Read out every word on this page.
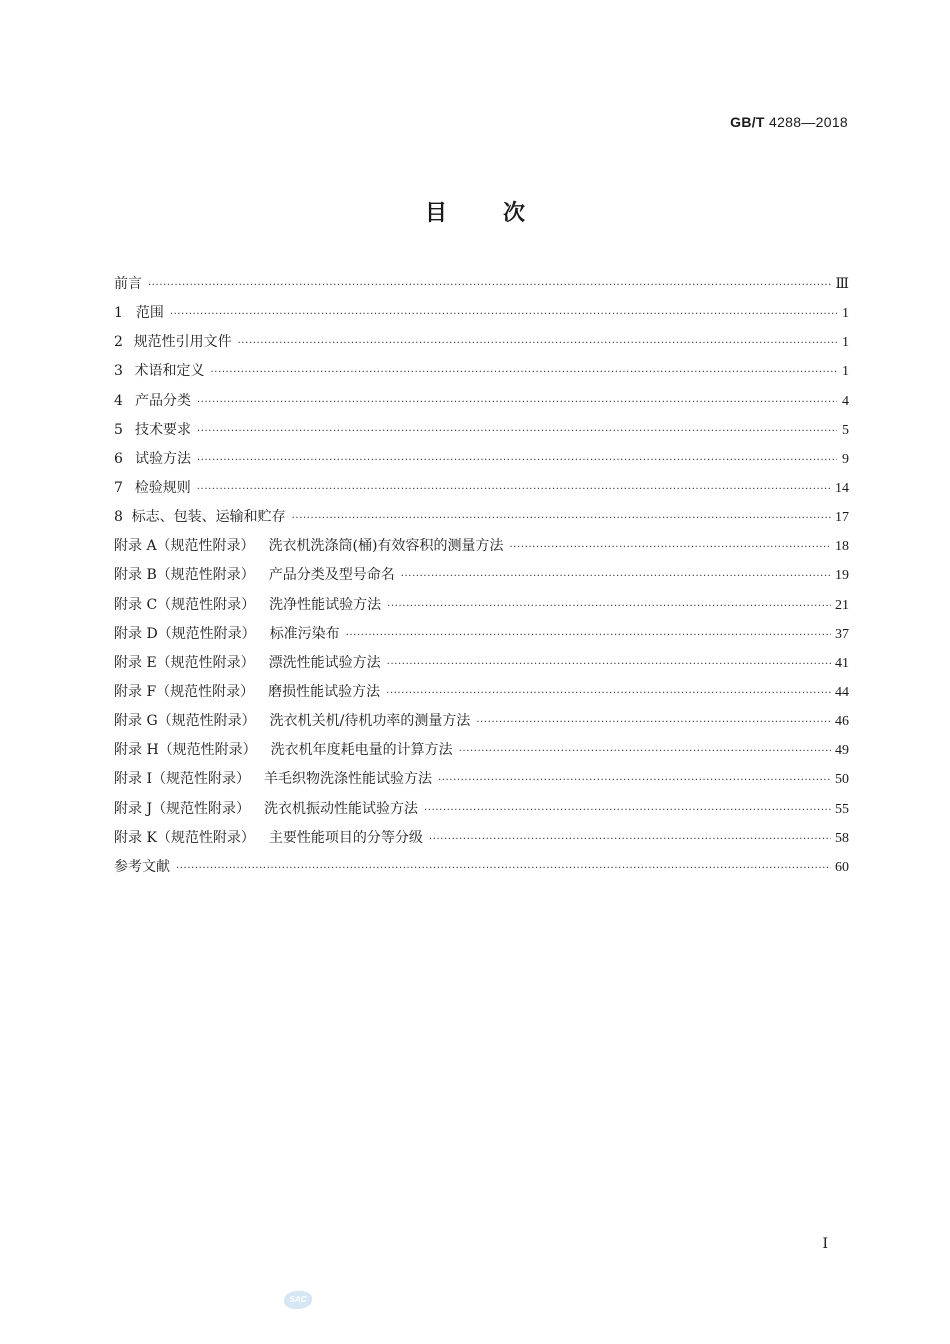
GB/T 4288—2018
目次
前言 ·····	Ⅲ
1 范围 ·····	1
2 规范性引用文件 ·····	1
3 术语和定义 ·····	1
4 产品分类 ·····	4
5 技术要求 ·····	5
6 试验方法 ·····	9
7 检验规则 ·····	14
8 标志、包装、运输和贮存 ·····	17
附录 A（规范性附录） 洗衣机洗涤筒(桶)有效容积的测量方法 ·····	18
附录 B（规范性附录） 产品分类及型号命名 ·····	19
附录 C（规范性附录） 洗净性能试验方法 ·····	21
附录 D（规范性附录） 标准污染布 ·····	37
附录 E（规范性附录） 漂洗性能试验方法 ·····	41
附录 F（规范性附录） 磨损性能试验方法 ·····	44
附录 G（规范性附录） 洗衣机关机/待机功率的测量方法 ·····	46
附录 H（规范性附录） 洗衣机年度耗电量的计算方法 ·····	49
附录 I（规范性附录） 羊毛织物洗涤性能试验方法 ·····	50
附录 J（规范性附录） 洗衣机振动性能试验方法 ·····	55
附录 K（规范性附录） 主要性能项目的分等分级 ·····	58
参考文献 ·····	60
Ⅰ
SAC
